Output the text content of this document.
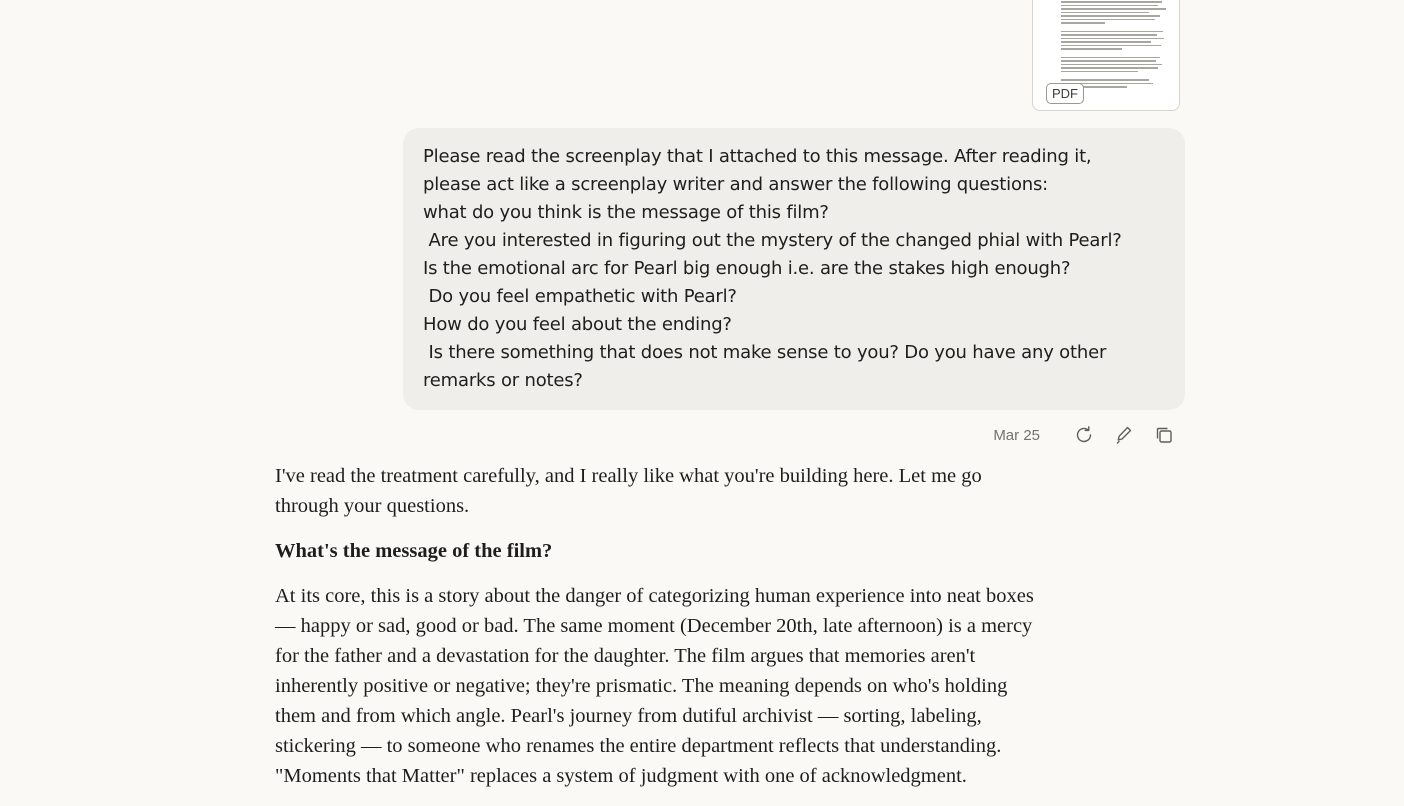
PDF
Please read the screenplay that I attached to this message. After reading it,
please act like a screenplay writer and answer the following questions:
what do you think is the message of this film?
Are you interested in figuring out the mystery of the changed phial with Pearl?
Is the emotional arc for Pearl big enough i.e. are the stakes high enough?
Do you feel empathetic with Pearl?
How do you feel about the ending?
Is there something that does not make sense to you? Do you have any other
remarks or notes?
Mar 25

I've read the treatment carefully, and I really like what you're building here. Let me go
through your questions.

What's the message of the film?

At its core, this is a story about the danger of categorizing human experience into neat boxes
— happy or sad, good or bad. The same moment (December 20th, late afternoon) is a mercy
for the father and a devastation for the daughter. The film argues that memories aren't
inherently positive or negative; they're prismatic. The meaning depends on who's holding
them and from which angle. Pearl's journey from dutiful archivist — sorting, labeling,
stickering — to someone who renames the entire department reflects that understanding.
"Moments that Matter" replaces a system of judgment with one of acknowledgment.
